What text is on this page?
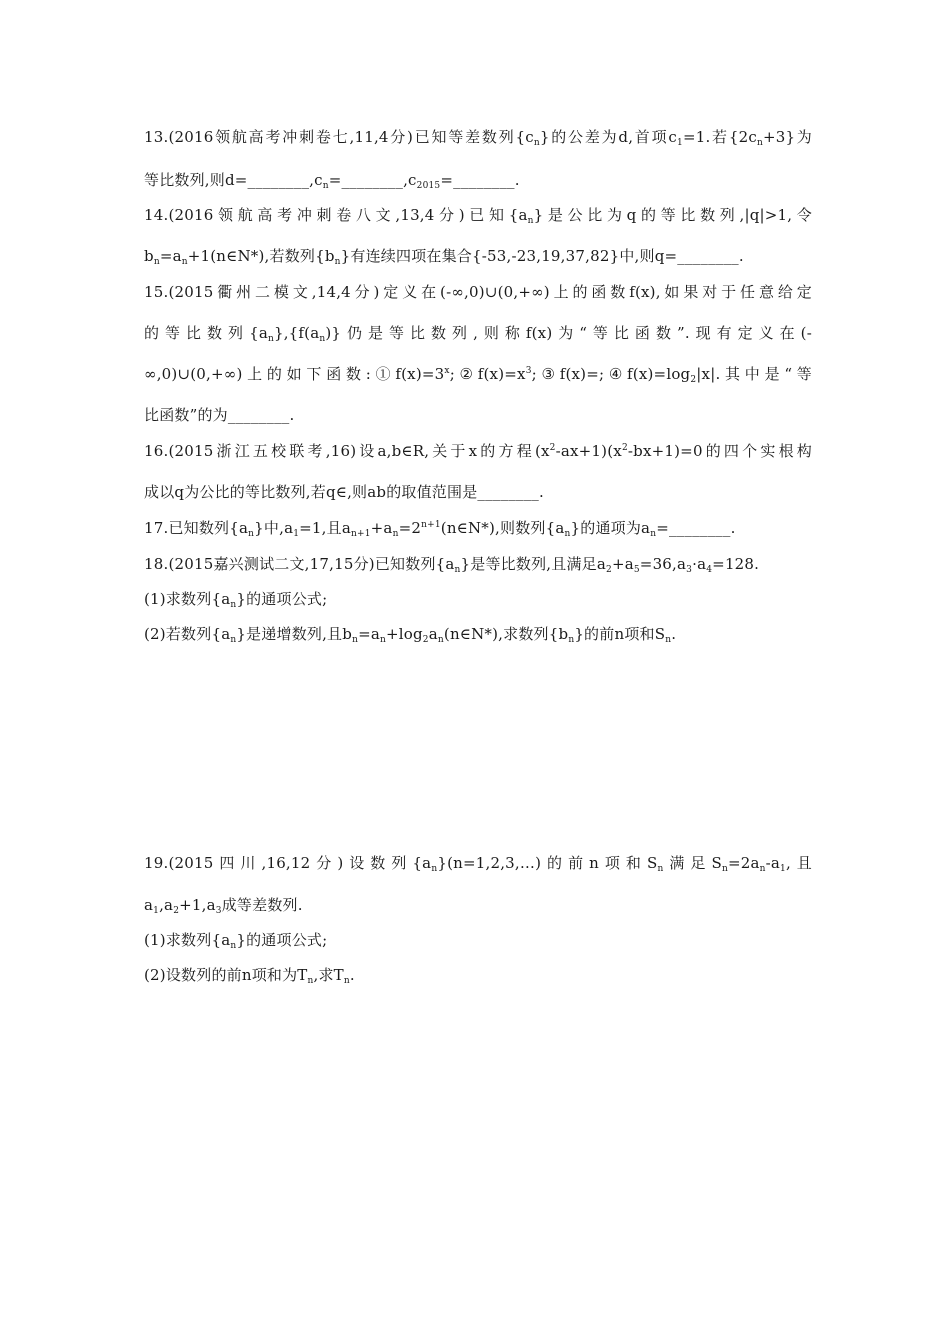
13.(2016领航高考冲刺卷七,11,4分)已知等差数列$\{c_n\}$的公差为d,首项$c_1=1$.若$\{2c_n+3\}$为
等比数列,则$d=\_\_\_\_\_\_\_\_,c_n=\_\_\_\_\_\_\_\_,c_{2015}=\_\_\_\_\_\_\_\_$.
14.(2016领航高考冲刺卷八文,13,4分)已知$\{a_n\}$是公比为q的等比数列,|q|>1,令
$b_n=a_n+1(n\in N*)$,若数列$\{b_n\}$有连续四项在集合{-53,-23,19,37,82}中,则q=________.
15.(2015衢州二模文,14,4分)定义在(-∞,0)∪(0,+∞)上的函数f(x),如果对于任意给定
的等比数列$\{a_n\},\{f(a_n)\}$仍是等比数列,则称f(x)为“等比函数”.现有定义在(-
∞,0)∪(0,+∞)上的如下函数$:①f(x)=3^x;②f(x)=x^3;③f(x)=;④f(x)=\log_2|x|$.其中是“等
比函数”的为________.
16.(2015浙江五校联考,16)设a,b∈R,关于x的方程$(x^2-ax+1)(x^2-bx+1)=0$的四个实根构
成以q为公比的等比数列,若q∈,则ab的取值范围是________.
17.已知数列$\{a_n\}$中$,a_1=1$,且$a_{n+1}+a_n=2^{n+1}(n\in N*)$,则数列$\{a_n\}$的通项为$a_n=\_\_\_\_\_\_\_\_$.
18.(2015嘉兴测试二文,17,15分)已知数列$\{a_n\}$是等比数列,且满足$a_2+a_5=36,a_3\cdot a_4=128$.
(1)求数列$\{a_n\}$的通项公式;
(2)若数列$\{a_n\}$是递增数列,且$b_n=a_n+\log_2a_n(n\in N*)$,求数列$\{b_n\}$的前n项和$S_n$.
19.(2015四川,16,12分)设数列$\{a_n\}(n=1,2,3,\dots)$的前n项和$S_n$满足$S_n=2a_n-a_1$,且
$a_1,a_2+1,a_3$成等差数列.
(1)求数列$\{a_n\}$的通项公式;
(2)设数列的前n项和为$T_n$,求$T_n$.
